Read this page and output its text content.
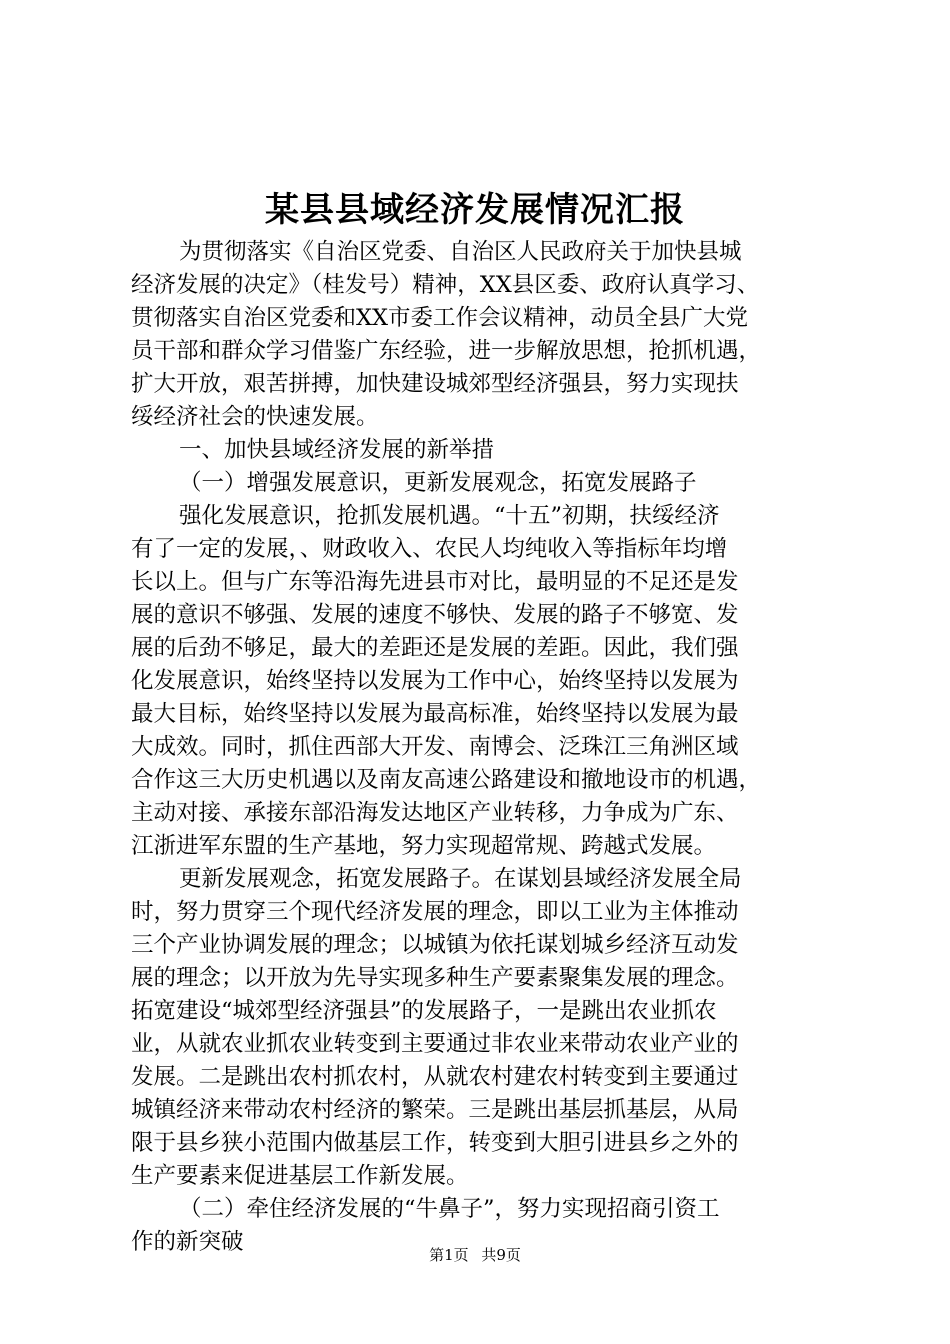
某县县域经济发展情况汇报
为贯彻落实《自治区党委、自治区人民政府关于加快县城
经济发展的决定》（桂发号）精神，XX县区委、政府认真学习、
贯彻落实自治区党委和XX市委工作会议精神，动员全县广大党
员干部和群众学习借鉴广东经验，进一步解放思想，抢抓机遇，
扩大开放，艰苦拼搏，加快建设城郊型经济强县，努力实现扶
绥经济社会的快速发展。
一、加快县域经济发展的新举措
（一）增强发展意识，更新发展观念，拓宽发展路子
强化发展意识，抢抓发展机遇。“十五”初期，扶绥经济
有了一定的发展，、财政收入、农民人均纯收入等指标年均增
长以上。但与广东等沿海先进县市对比，最明显的不足还是发
展的意识不够强、发展的速度不够快、发展的路子不够宽、发
展的后劲不够足，最大的差距还是发展的差距。因此，我们强
化发展意识，始终坚持以发展为工作中心，始终坚持以发展为
最大目标，始终坚持以发展为最高标准，始终坚持以发展为最
大成效。同时，抓住西部大开发、南博会、泛珠江三角洲区域
合作这三大历史机遇以及南友高速公路建设和撤地设市的机遇，
主动对接、承接东部沿海发达地区产业转移，力争成为广东、
江浙进军东盟的生产基地，努力实现超常规、跨越式发展。
更新发展观念，拓宽发展路子。在谋划县域经济发展全局
时，努力贯穿三个现代经济发展的理念，即以工业为主体推动
三个产业协调发展的理念；以城镇为依托谋划城乡经济互动发
展的理念；以开放为先导实现多种生产要素聚集发展的理念。
拓宽建设“城郊型经济强县”的发展路子，一是跳出农业抓农
业，从就农业抓农业转变到主要通过非农业来带动农业产业的
发展。二是跳出农村抓农村，从就农村建农村转变到主要通过
城镇经济来带动农村经济的繁荣。三是跳出基层抓基层，从局
限于县乡狭小范围内做基层工作，转变到大胆引进县乡之外的
生产要素来促进基层工作新发展。
（二）牵住经济发展的“牛鼻子”，努力实现招商引资工
作的新突破	第1页 共9页
